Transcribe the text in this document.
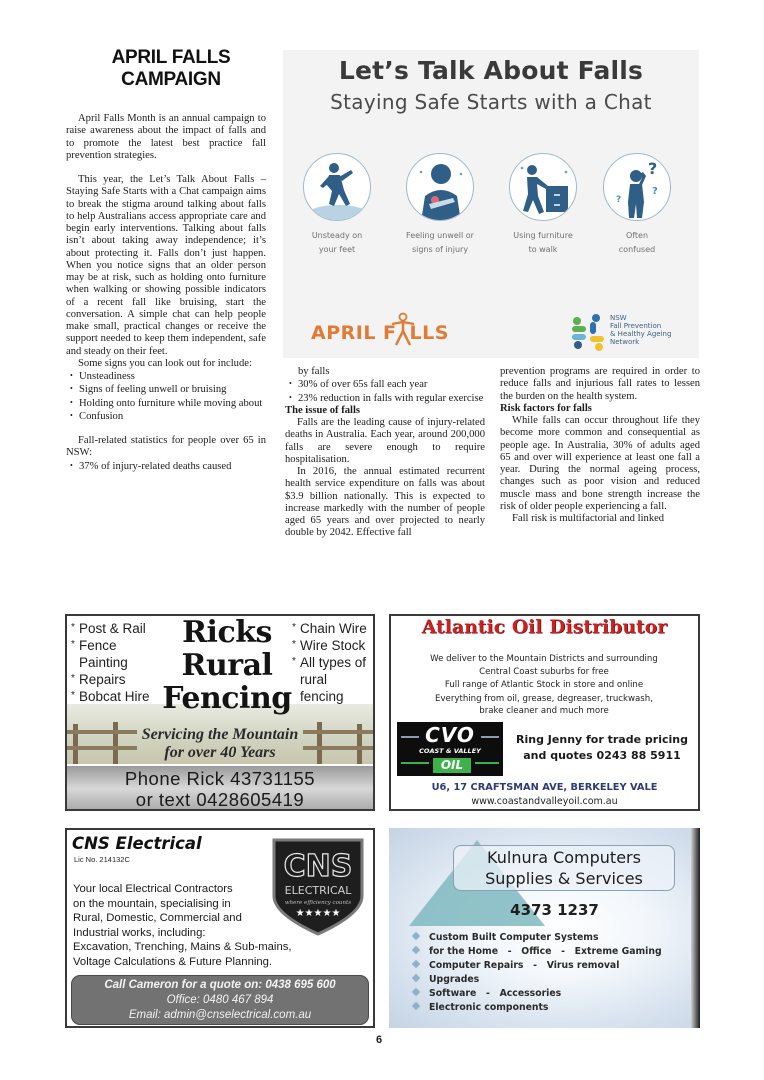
APRIL FALLS
CAMPAIGN

April Falls Month is an annual campaign to raise awareness about the impact of falls and to promote the latest best practice fall prevention strategies.

This year, the Let’s Talk About Falls – Staying Safe Starts with a Chat campaign aims to break the stigma around talking about falls to help Australians access appropriate care and begin early interventions. Talking about falls isn’t about taking away independence; it’s about protecting it. Falls don’t just happen. When you notice signs that an older person may be at risk, such as holding onto furniture when walking or showing possible indicators of a recent fall like bruising, start the conversation. A simple chat can help people make small, practical changes or receive the support needed to keep them independent, safe and steady on their feet.

Some signs you can look out for include:

• Unsteadiness

• Signs of feeling unwell or bruising

• Holding onto furniture while moving about

• Confusion

Fall-related statistics for people over 65 in NSW:

• 37% of injury-related deaths caused

Let’s Talk About Falls
Staying Safe Starts with a Chat
Unsteady on
your feet
Feeling unwell or
signs of injury
Using furniture
to walk
?
?
?
Often
confused
APRIL F LLS
NSW
Fall Prevention
& Healthy Ageing
Network

by falls

• 30% of over 65s fall each year

• 23% reduction in falls with regular exercise

The issue of falls

Falls are the leading cause of injury-related deaths in Australia. Each year, around 200,000 falls are severe enough to require hospitalisation.

In 2016, the annual estimated recurrent health service expenditure on falls was about $3.9 billion nationally. This is expected to increase markedly with the number of people aged 65 years and over projected to nearly double by 2042. Effective fall

prevention programs are required in order to reduce falls and injurious fall rates to lessen the burden on the health system.

Risk factors for falls

While falls can occur throughout life they become more common and consequential as people age. In Australia, 30% of adults aged 65 and over will experience at least one fall a year. During the normal ageing process, changes such as poor vision and reduced muscle mass and bone strength increase the risk of older people experiencing a fall.

Fall risk is multifactorial and linked

* Post & Rail
* Fence
Painting
* Repairs
* Bobcat Hire
Ricks
Rural
Fencing
* Chain Wire
* Wire Stock
* All types of
rural
fencing
Servicing the Mountain
for over 40 Years
Phone Rick 43731155
or text 0428605419
Atlantic Oil Distributor
We deliver to the Mountain Districts and surrounding
Central Coast suburbs for free
Full range of Atlantic Stock in store and online
Everything from oil, grease, degreaser, truckwash,
brake cleaner and much more
CVO
COAST & VALLEY
OIL
Ring Jenny for trade pricing
and quotes 0243 88 5911
U6, 17 CRAFTSMAN AVE, BERKELEY VALE
www.coastandvalleyoil.com.au
CNS Electrical
Lic No. 214132C
Your local Electrical Contractors
on the mountain, specialising in
Rural, Domestic, Commercial and
Industrial works, including:
Excavation, Trenching, Mains & Sub-mains,
Voltage Calculations & Future Planning.
CNS
ELECTRICAL
where efficiency counts
★★★★★
Call Cameron for a quote on: 0438 695 600
Office: 0480 467 894
Email: admin@cnselectrical.com.au
Kulnura Computers
Supplies & Services
4373 1237
Custom Built Computer Systems
for the Home   -   Office   -   Extreme Gaming
Computer Repairs   -   Virus removal
Upgrades
Software   -   Accessories
Electronic components
6
